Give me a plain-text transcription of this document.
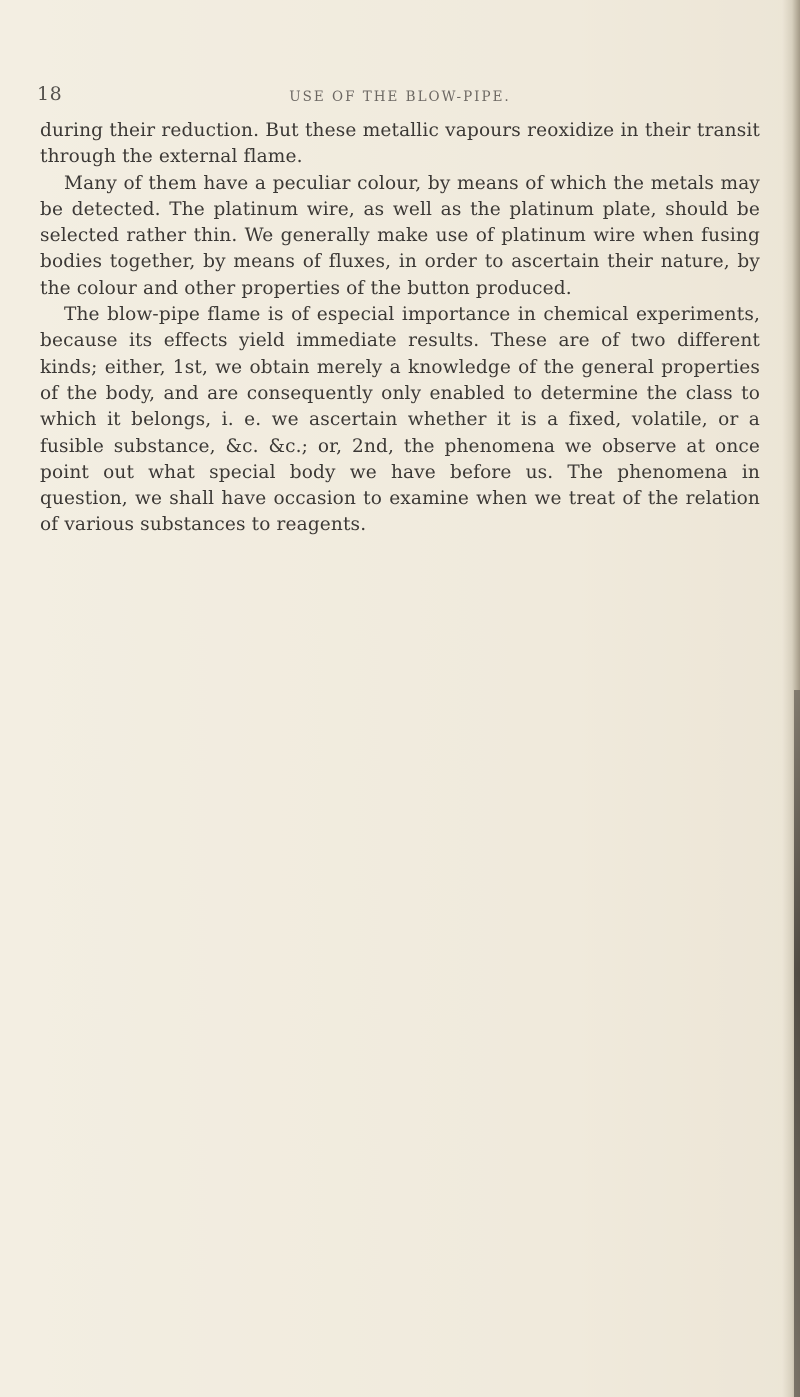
18	USE OF THE BLOW-PIPE.

during their reduction. But these metallic vapours reoxidize in their transit through the external flame.

Many of them have a peculiar colour, by means of which the metals may be detected. The platinum wire, as well as the platinum plate, should be selected rather thin. We generally make use of platinum wire when fusing bodies together, by means of fluxes, in order to ascertain their nature, by the colour and other properties of the button produced.

The blow-pipe flame is of especial importance in chemical experiments, because its effects yield immediate results. These are of two different kinds; either, 1st, we obtain merely a knowledge of the general properties of the body, and are consequently only enabled to determine the class to which it belongs, i. e. we ascertain whether it is a fixed, volatile, or a fusible substance, &c. &c.; or, 2nd, the phenomena we observe at once point out what special body we have before us. The phenomena in question, we shall have occasion to examine when we treat of the relation of various substances to reagents.
